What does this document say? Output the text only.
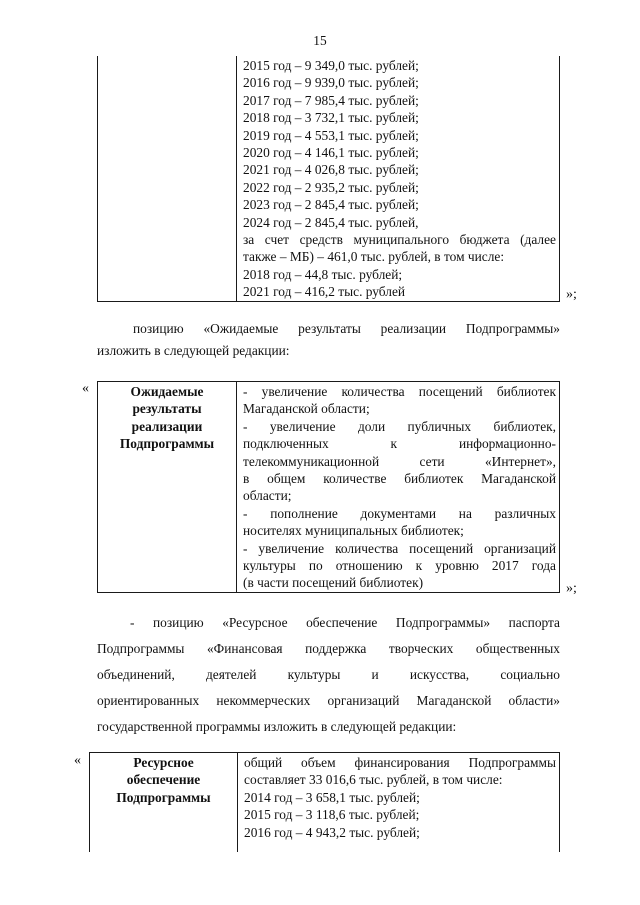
15

2015 год – 9 349,0 тыс. рублей;
2016 год – 9 939,0 тыс. рублей;
2017 год – 7 985,4 тыс. рублей;
2018 год – 3 732,1 тыс. рублей;
2019 год – 4 553,1 тыс. рублей;
2020 год – 4 146,1 тыс. рублей;
2021 год – 4 026,8 тыс. рублей;
2022 год – 2 935,2 тыс. рублей;
2023 год – 2 845,4 тыс. рублей;
2024 год – 2 845,4 тыс. рублей,
за счет средств муниципального бюджета (далее
также – МБ) – 461,0 тыс. рублей, в том числе:
2018 год – 44,8 тыс. рублей;
2021 год – 416,2 тыс. рублей	»;
позицию «Ожидаемые результаты реализации Подпрограммы»
изложить в следующей редакции:
«	Ожидаемые
результаты
реализации
Подпрограммы

- увеличение количества посещений библиотек
Магаданской области;
- увеличение доли публичных библиотек,
подключенных к информационно-
телекоммуникационной сети «Интернет»,
в общем количестве библиотек Магаданской
области;
- пополнение документами на различных
носителях муниципальных библиотек;
- увеличение количества посещений организаций
культуры по отношению к уровню 2017 года
(в части посещений библиотек)	»;
- позицию «Ресурсное обеспечение Подпрограммы» паспорта
Подпрограммы «Финансовая поддержка творческих общественных
объединений, деятелей культуры и искусства, социально
ориентированных некоммерческих организаций Магаданской области»
государственной программы изложить в следующей редакции:
«	Ресурсное
обеспечение
Подпрограммы

общий объем финансирования Подпрограммы
составляет 33 016,6 тыс. рублей, в том числе:
2014 год – 3 658,1 тыс. рублей;
2015 год – 3 118,6 тыс. рублей;
2016 год – 4 943,2 тыс. рублей;
